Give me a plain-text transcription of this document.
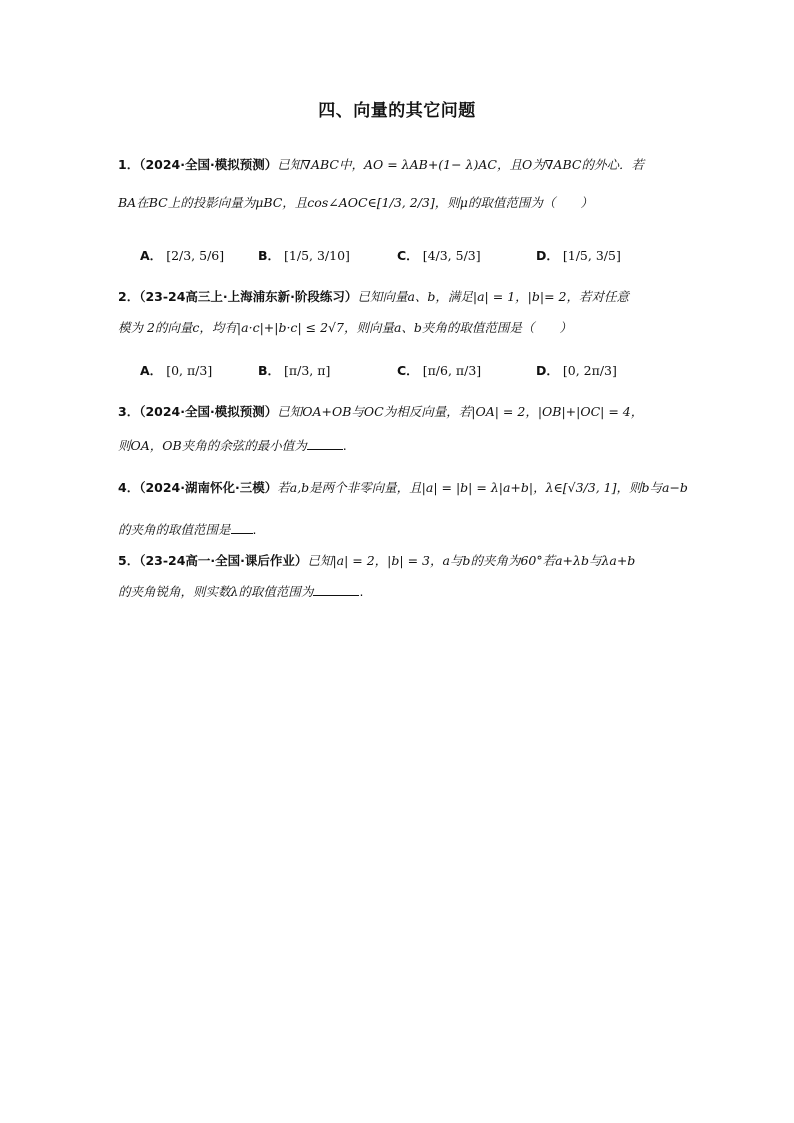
四、向量的其它问题
1．（2024·全国·模拟预测）已知∇ABC中，AO = λAB+(1− λ)AC，且O为∇ABC的外心．若
BA在BC上的投影向量为μBC，且cos∠AOC∈[1/3, 2/3]，则μ的取值范围为（　　）
A． [2/3, 5/6]	B． [1/5, 3/10]	C． [4/3, 5/3]	D． [1/5, 3/5]
2．（23-24高三上·上海浦东新·阶段练习）已知向量a、b，满足|a| = 1，|b|= 2，若对任意
模为 2的向量c，均有|a·c|+|b·c| ≤ 2√7，则向量a、b夹角的取值范围是（　　）
A． [0, π/3]	B． [π/3, π]	C． [π/6, π/3]	D． [0, 2π/3]
3．（2024·全国·模拟预测）已知OA+OB与OC为相反向量，若|OA| = 2，|OB|+|OC| = 4，
则OA，OB夹角的余弦的最小值为	.
4．（2024·湖南怀化·三模）若a,b是两个非零向量，且|a| = |b| = λ|a+b|，λ∈[√3/3, 1]，则b与a−b
的夹角的取值范围是 .
5．（23-24高一·全国·课后作业）已知|a| = 2，|b| = 3，a与b的夹角为60°若a+λb与λa+b
的夹角锐角，则实数λ的取值范围为	.
